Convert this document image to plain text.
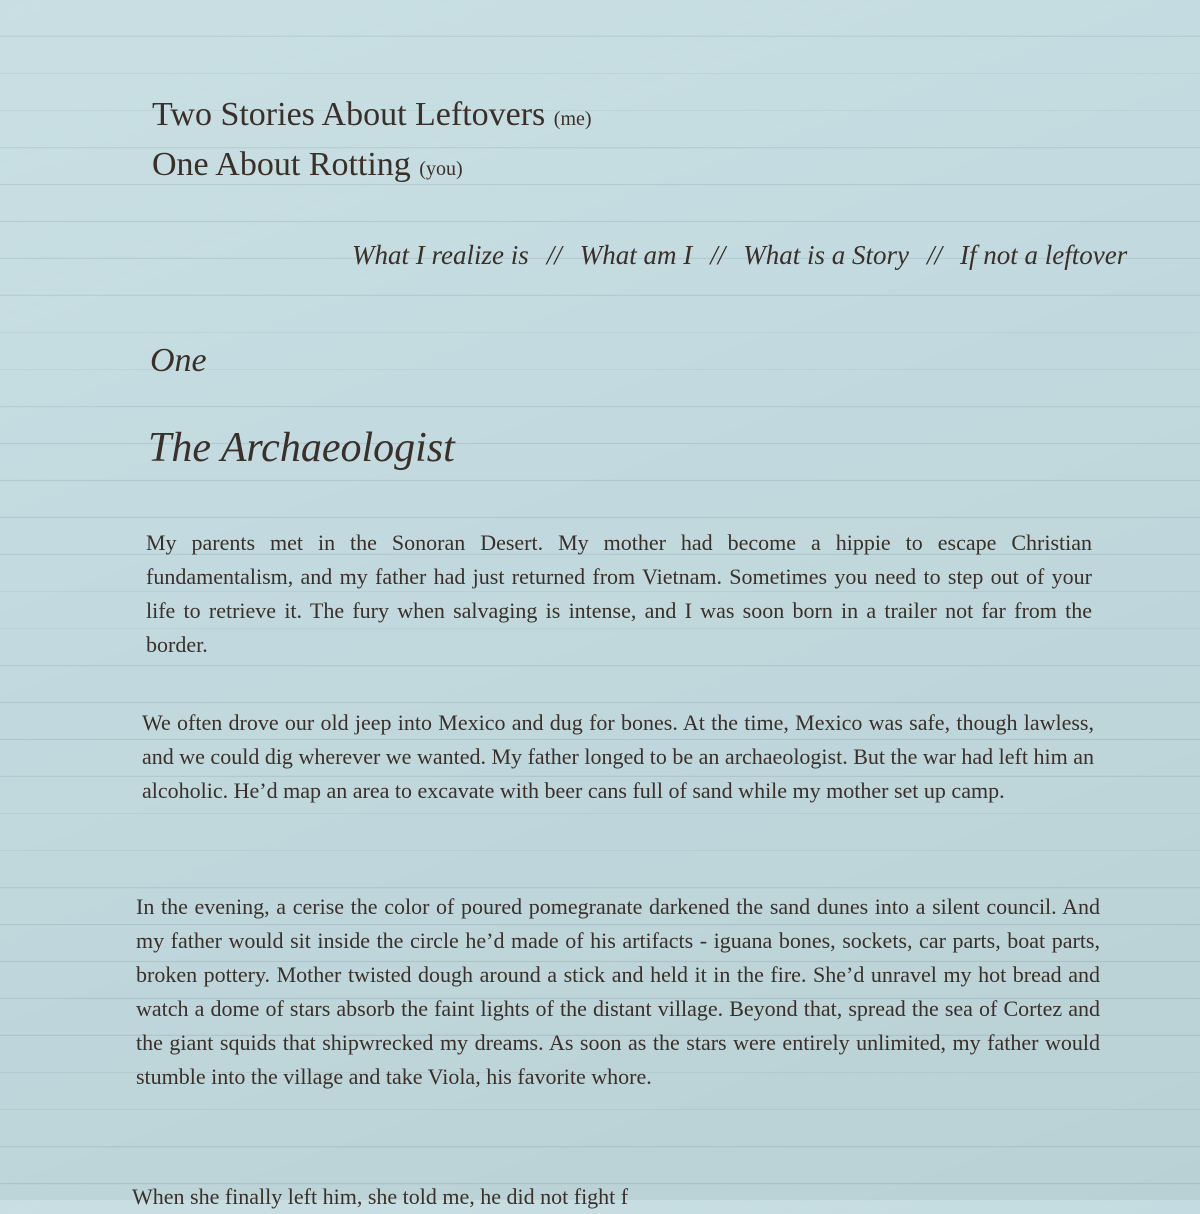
Two Stories About Leftovers (me)
One About Rotting (you)
What I realize is // What am I // What is a Story // If not a leftover
One
The Archaeologist

My parents met in the Sonoran Desert. My mother had become a hippie to escape Christian fundamentalism, and my father had just returned from Vietnam. Sometimes you need to step out of your life to retrieve it. The fury when salvaging is intense, and I was soon born in a trailer not far from the border.

We often drove our old jeep into Mexico and dug for bones. At the time, Mexico was safe, though lawless, and we could dig wherever we wanted. My father longed to be an archaeologist. But the war had left him an alcoholic. He’d map an area to excavate with beer cans full of sand while my mother set up camp.

In the evening, a cerise the color of poured pomegranate darkened the sand dunes into a silent council. And my father would sit inside the circle he’d made of his artifacts - iguana bones, sockets, car parts, boat parts, broken pottery. Mother twisted dough around a stick and held it in the fire. She’d unravel my hot bread and watch a dome of stars absorb the faint lights of the distant village. Beyond that, spread the sea of Cortez and the giant squids that shipwrecked my dreams. As soon as the stars were entirely unlimited, my father would stumble into the village and take Viola, his favorite whore.

When she finally left him, she told me, he did not fight f
